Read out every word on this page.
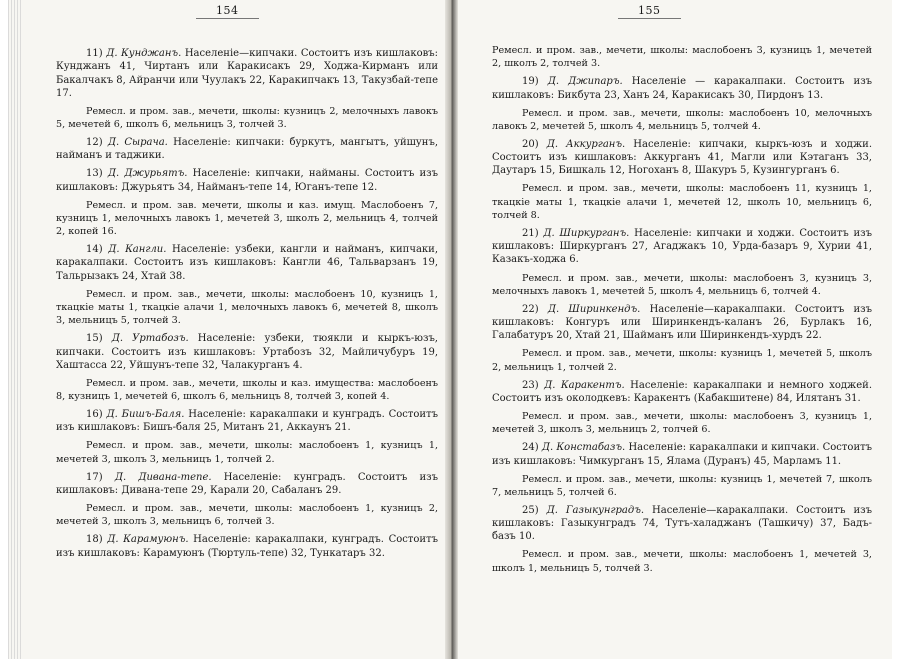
154

11) Д. Кунджанъ. Населеніе—кипчаки. Состоитъ изъ кишлаковъ: Кунджанъ 41, Чиртанъ или Каракисакъ 29, Ходжа-Кирманъ или Бакалчакъ 8, Айранчи или Чуулакъ 22, Каракипчакъ 13, Такузбай-тепе 17.

Ремесл. и пром. зав., мечети, школы: кузницъ 2, мелочныхъ лавокъ 5, мечетей 6, школъ 6, мельницъ 3, толчей 3.

12) Д. Сырача. Населеніе: кипчаки: буркутъ, мангытъ, уйшунъ, найманъ и таджики.

13) Д. Джурьятъ. Населеніе: кипчаки, найманы. Состоитъ изъ кишлаковъ: Джурьятъ 34, Найманъ-тепе 14, Юганъ-тепе 12.

Ремесл. и пром. зав. мечети, школы и каз. имущ. Маслобоенъ 7, кузницъ 1, мелочныхъ лавокъ 1, мечетей 3, школъ 2, мельницъ 4, толчей 2, копей 16.

14) Д. Кангли. Населеніе: узбеки, кангли и найманъ, кипчаки, каракалпаки. Состоитъ изъ кишлаковъ: Кангли 46, Тальварзанъ 19, Тальрызакъ 24, Хтай 38.

Ремесл. и пром. зав., мечети, школы: маслобоенъ 10, кузницъ 1, ткацкіе маты 1, ткацкіе алачи 1, мелочныхъ лавокъ 6, мечетей 8, школъ 3, мельницъ 5, толчей 3.

15) Д. Уртабозъ. Населеніе: узбеки, тюякли и кыркъ-юзъ, кипчаки. Состоитъ изъ кишлаковъ: Уртабозъ 32, Майличубуръ 19, Хаштасса 22, Уйшунъ-тепе 32, Чалакурганъ 4.

Ремесл. и пром. зав., мечети, школы и каз. имущества: маслобоенъ 8, кузницъ 1, мечетей 6, школъ 6, мельницъ 8, толчей 3, копей 4.

16) Д. Бишъ-Баля. Населеніе: каракалпаки и кунградъ. Состоитъ изъ кишлаковъ: Бишъ-баля 25, Митанъ 21, Аккаунъ 21.

Ремесл. и пром. зав., мечети, школы: маслобоенъ 1, кузницъ 1, мечетей 3, школъ 3, мельницъ 1, толчей 2.

17) Д. Дивана-тепе. Населеніе: кунградъ. Состоитъ изъ кишлаковъ: Дивана-тепе 29, Карали 20, Сабаланъ 29.

Ремесл. и пром. зав., мечети, школы: маслобоенъ 1, кузницъ 2, мечетей 3, школъ 3, мельницъ 6, толчей 3.

18) Д. Карамуюнъ. Населеніе: каракалпаки, кунградъ. Состоитъ изъ кишлаковъ: Карамуюнъ (Тюртуль-тепе) 32, Тункатаръ 32.

155

Ремесл. и пром. зав., мечети, школы: маслобоенъ 3, кузницъ 1, мечетей 2, школъ 2, толчей 3.

19) Д. Джипаръ. Населеніе — каракалпаки. Состоитъ изъ кишлаковъ: Бикбута 23, Ханъ 24, Каракисакъ 30, Пирдонъ 13.

Ремесл. и пром. зав., мечети, школы: маслобоенъ 10, мелочныхъ лавокъ 2, мечетей 5, школъ 4, мельницъ 5, толчей 4.

20) Д. Аккурганъ. Населеніе: кипчаки, кыркъ-юзъ и ходжи. Состоитъ изъ кишлаковъ: Аккурганъ 41, Магли или Кэтаганъ 33, Даутаръ 15, Бишкаль 12, Ногоханъ 8, Шакуръ 5, Кузингурганъ 6.

Ремесл. и пром. зав., мечети, школы: маслобоенъ 11, кузницъ 1, ткацкіе маты 1, ткацкіе алачи 1, мечетей 12, школъ 10, мельницъ 6, толчей 8.

21) Д. Ширкурганъ. Населеніе: кипчаки и ходжи. Состоитъ изъ кишлаковъ: Ширкурганъ 27, Агаджакъ 10, Урда-базаръ 9, Хурии 41, Казакъ-ходжа 6.

Ремесл. и пром. зав., мечети, школы: маслобоенъ 3, кузницъ 3, мелочныхъ лавокъ 1, мечетей 5, школъ 4, мельницъ 6, толчей 4.

22) Д. Ширинкендъ. Населеніе—каракалпаки. Состоитъ изъ кишлаковъ: Конгуръ или Ширинкендъ-каланъ 26, Бурлакъ 16, Галабатуръ 20, Хтай 21, Шайманъ или Ширинкендъ-хурдъ 22.

Ремесл. и пром. зав., мечети, школы: кузницъ 1, мечетей 5, школъ 2, мельницъ 1, толчей 2.

23) Д. Каракентъ. Населеніе: каракалпаки и немного ходжей. Состоитъ изъ околодкевъ: Каракентъ (Кабакшитене) 84, Илятанъ 31.

Ремесл. и пром. зав., мечети, школы: маслобоенъ 3, кузницъ 1, мечетей 3, школъ 3, мельницъ 2, толчей 6.

24) Д. Констабазъ. Населеніе: каракалпаки и кипчаки. Состоитъ изъ кишлаковъ: Чимкурганъ 15, Ялама (Дуранъ) 45, Марламъ 11.

Ремесл. и пром. зав., мечети, школы: кузницъ 1, мечетей 7, школъ 7, мельницъ 5, толчей 6.

25) Д. Газыкунградъ. Населеніе—каракалпаки. Состоитъ изъ кишлаковъ: Газыкунградъ 74, Тутъ-халаджанъ (Ташкичу) 37, Бадъ-базъ 10.

Ремесл. и пром. зав., мечети, школы: маслобоенъ 1, мечетей 3, школъ 1, мельницъ 5, толчей 3.
